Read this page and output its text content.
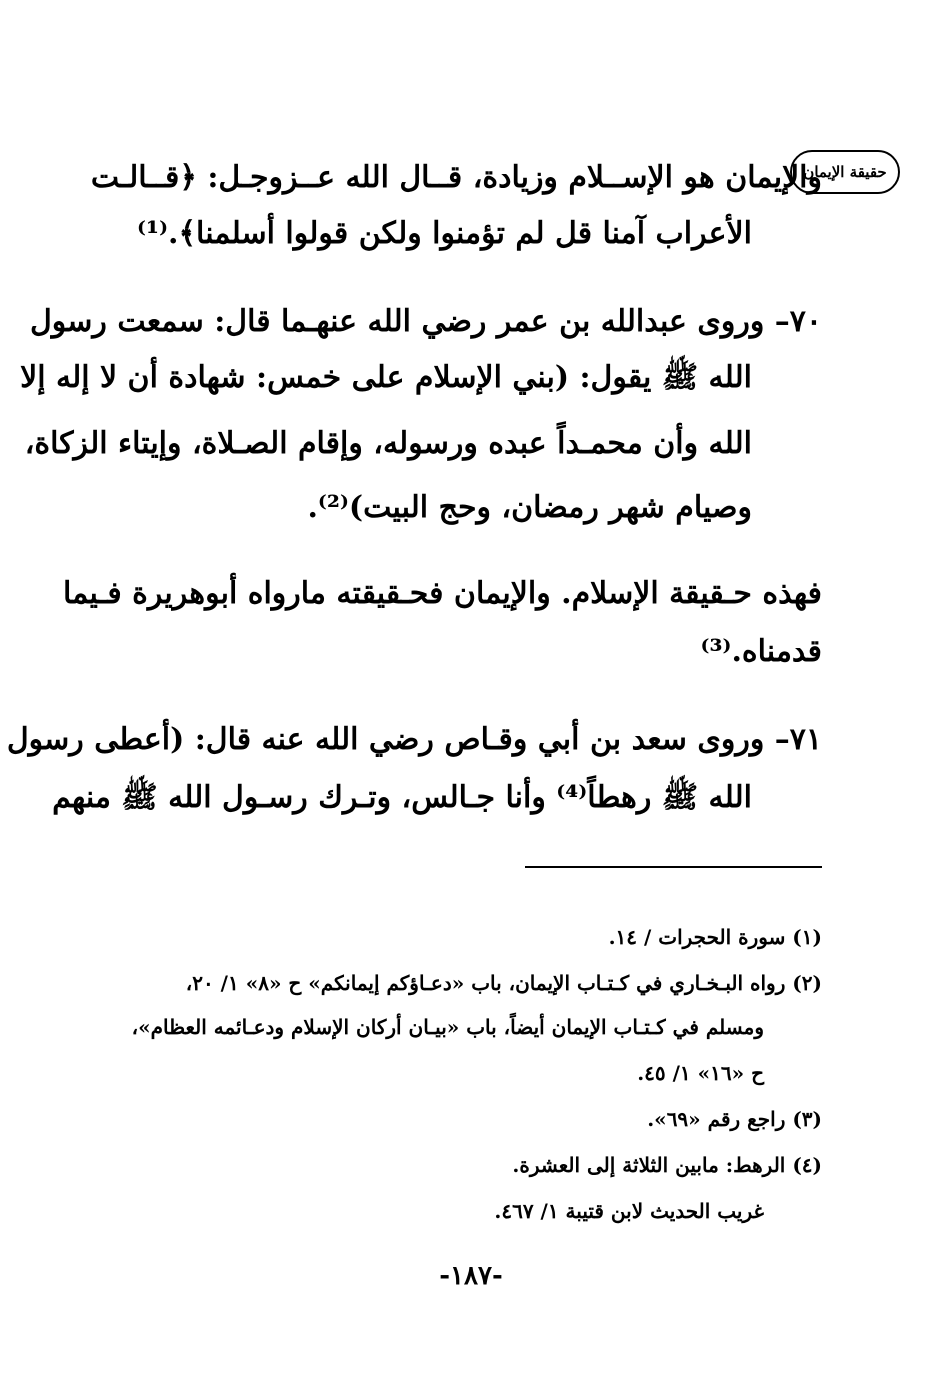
حقيقة الإيمان
والإيمان هو الإســلام وزيادة، قــال الله عــزوجـل: ﴿قــالـت
الأعراب آمنا قل لم تؤمنوا ولكن قولوا أسلمنا﴾.⁽¹⁾
٧٠– وروى عبدالله بن عمر رضي الله عنهـما قال: سمعت رسول
الله ﷺ يقول: (بني الإسلام على خمس: شهادة أن لا إله إلا
الله وأن محمـداً عبده ورسوله، وإقام الصـلاة، وإيتاء الزكاة،
وصيام شهر رمضان، وحج البيت)⁽²⁾.
فهذه حـقيقة الإسلام. والإيمان فحـقيقته مارواه أبوهريرة فـيما
قدمناه.⁽³⁾
٧١– وروى سعد بن أبي وقـاص رضي الله عنه قال: (أعطى رسول
الله ﷺ رهطاً⁽⁴⁾ وأنا جـالس، وتـرك رسـول الله ﷺ منهم
(١) سورة الحجرات / ١٤.
(٢) رواه البـخـاري في كـتـاب الإيمان، باب «دعـاؤكم إيمانكم» ح «٨» ١/ ٢٠،
ومسلم في كـتـاب الإيمان أيضاً، باب «بيـان أركان الإسلام ودعـائمه العظام»،
ح «١٦» ١/ ٤٥.
(٣) راجع رقم «٦٩».
(٤) الرهط: مابين الثلاثة إلى العشرة.
غريب الحديث لابن قتيبة ١/ ٤٦٧.
-١٨٧-
